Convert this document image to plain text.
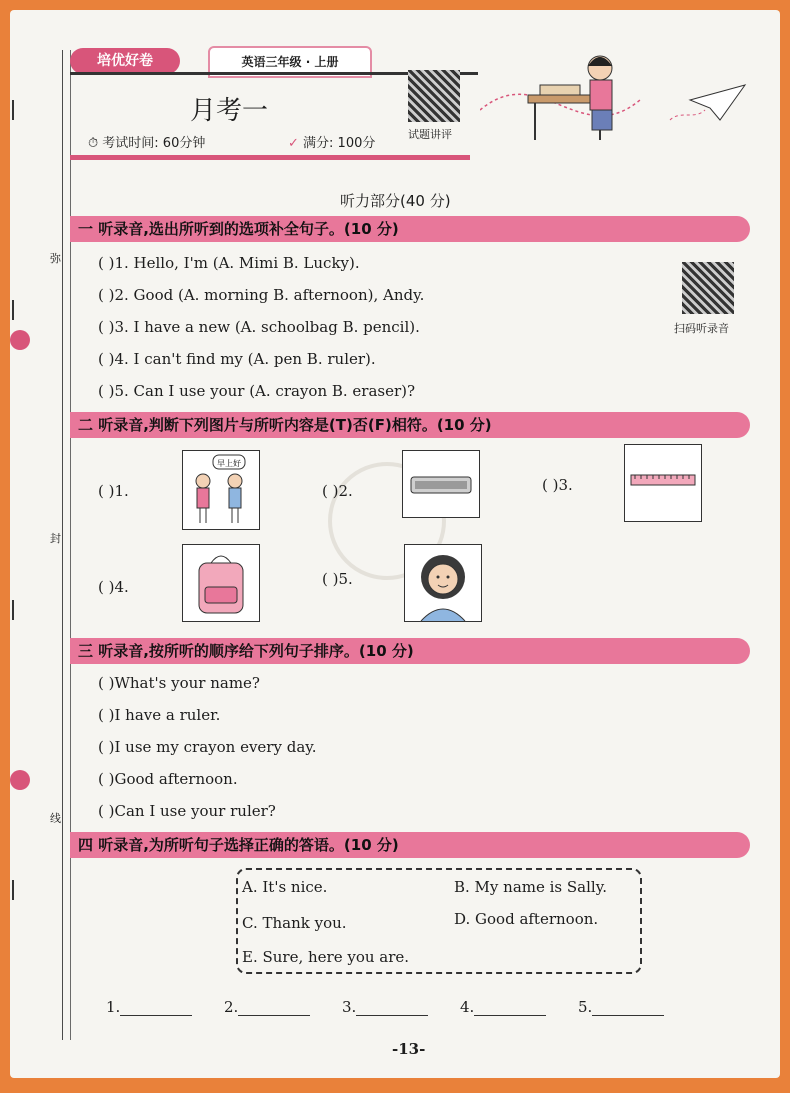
弥
封
线
培优好卷	英语三年级 · 上册
月考一
试题讲评
⏱ 考试时间: 60分钟	✓ 满分: 100分
扫码听录音
听力部分(40 分)
一 听录音,选出所听到的选项补全句子。(10 分)
( )1. Hello, I'm (A. Mimi B. Lucky).
( )2. Good (A. morning B. afternoon), Andy.
( )3. I have a new (A. schoolbag B. pencil).
( )4. I can't find my (A. pen B. ruler).
( )5. Can I use your (A. crayon B. eraser)?
二 听录音,判断下列图片与所听内容是(T)否(F)相符。(10 分)
( )1.
早上好
( )2.	( )3.
( )4.	( )5.
三 听录音,按所听的顺序给下列句子排序。(10 分)
( )What's your name?
( )I have a ruler.
( )I use my crayon every day.
( )Good afternoon.
( )Can I use your ruler?
四 听录音,为所听句子选择正确的答语。(10 分)
A. It's nice.	B. My name is Sally.
C. Thank you.	D. Good afternoon.
E. Sure, here you are.
1.	2.	3.	4.	5.
-13-
